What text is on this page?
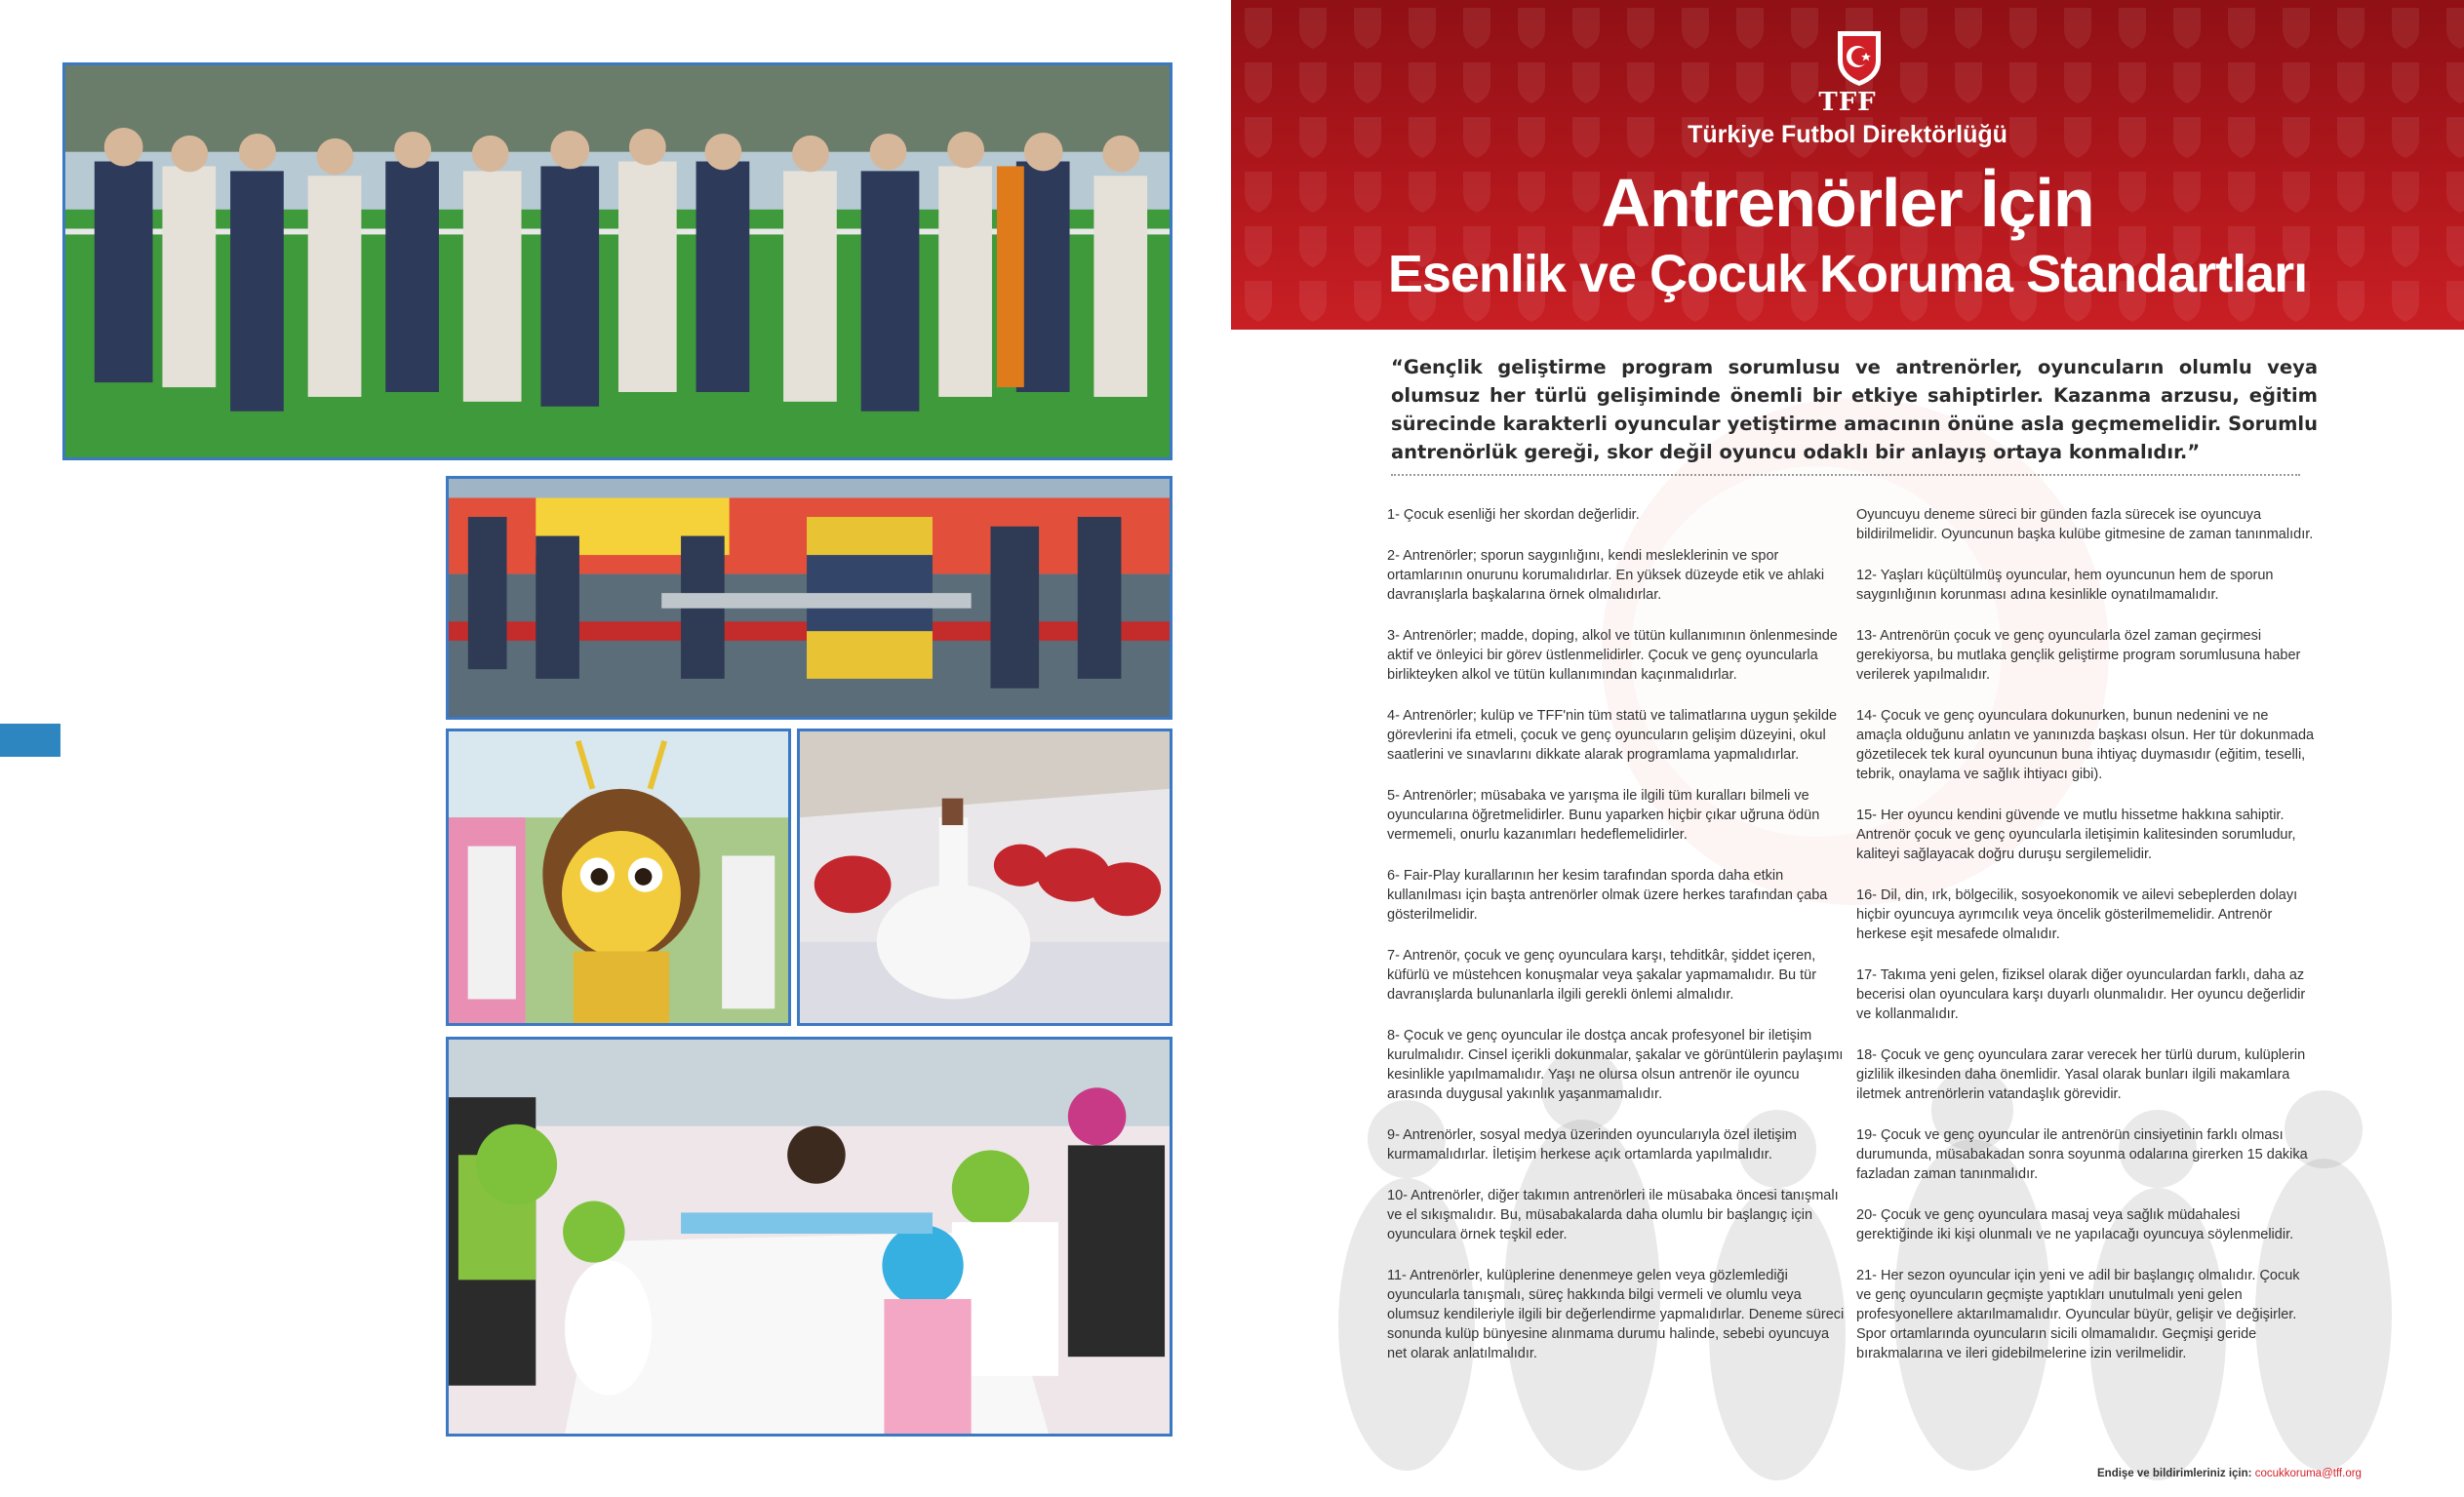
TFF
Türkiye Futbol Direktörlüğü
Antrenörler İçin
Esenlik ve Çocuk Koruma Standartları
“Gençlik geliştirme program sorumlusu ve antrenörler, oyuncuların olumlu veya olumsuz her türlü gelişiminde önemli bir etkiye sahiptirler. Kazanma arzusu, eğitim sürecinde karakterli oyuncular yetiştirme amacının önüne asla geçmemelidir. Sorumlu antrenörlük gereği, skor değil oyuncu odaklı bir anlayış ortaya konmalıdır.”

1- Çocuk esenliği her skordan değerlidir.

2- Antrenörler; sporun saygınlığını, kendi mesleklerinin ve spor ortamlarının onurunu korumalıdırlar. En yüksek düzeyde etik ve ahlaki davranışlarla başkalarına örnek olmalıdırlar.

3- Antrenörler; madde, doping, alkol ve tütün kullanımının önlenmesinde aktif ve önleyici bir görev üstlenmelidirler. Çocuk ve genç oyuncularla birlikteyken alkol ve tütün kullanımından kaçınmalıdırlar.

4- Antrenörler; kulüp ve TFF'nin tüm statü ve talimatlarına uygun şekilde görevlerini ifa etmeli, çocuk ve genç oyuncuların gelişim düzeyini, okul saatlerini ve sınavlarını dikkate alarak programlama yapmalıdırlar.

5- Antrenörler; müsabaka ve yarışma ile ilgili tüm kuralları bilmeli ve oyuncularına öğretmelidirler. Bunu yaparken hiçbir çıkar uğruna ödün vermemeli, onurlu kazanımları hedeflemelidirler.

6- Fair-Play kurallarının her kesim tarafından sporda daha etkin kullanılması için başta antrenörler olmak üzere herkes tarafından çaba gösterilmelidir.

7- Antrenör, çocuk ve genç oyunculara karşı, tehditkâr, şiddet içeren, küfürlü ve müstehcen konuşmalar veya şakalar yapmamalıdır. Bu tür davranışlarda bulunanlarla ilgili gerekli önlemi almalıdır.

8- Çocuk ve genç oyuncular ile dostça ancak profesyonel bir iletişim kurulmalıdır. Cinsel içerikli dokunmalar, şakalar ve görüntülerin paylaşımı kesinlikle yapılmamalıdır. Yaşı ne olursa olsun antrenör ile oyuncu arasında duygusal yakınlık yaşanmamalıdır.

9- Antrenörler, sosyal medya üzerinden oyuncularıyla özel iletişim kurmamalıdırlar. İletişim herkese açık ortamlarda yapılmalıdır.

10- Antrenörler, diğer takımın antrenörleri ile müsabaka öncesi tanışmalı ve el sıkışmalıdır. Bu, müsabakalarda daha olumlu bir başlangıç için oyunculara örnek teşkil eder.

11- Antrenörler, kulüplerine denenmeye gelen veya gözlemlediği oyuncularla tanışmalı, süreç hakkında bilgi vermeli ve olumlu veya olumsuz kendileriyle ilgili bir değerlendirme yapmalıdırlar. Deneme süreci sonunda kulüp bünyesine alınmama durumu halinde, sebebi oyuncuya net olarak anlatılmalıdır.

Oyuncuyu deneme süreci bir günden fazla sürecek ise oyuncuya bildirilmelidir. Oyuncunun başka kulübe gitmesine de zaman tanınmalıdır.

12- Yaşları küçültülmüş oyuncular, hem oyuncunun hem de sporun saygınlığının korunması adına kesinlikle oynatılmamalıdır.

13- Antrenörün çocuk ve genç oyuncularla özel zaman geçirmesi gerekiyorsa, bu mutlaka gençlik geliştirme program sorumlusuna haber verilerek yapılmalıdır.

14- Çocuk ve genç oyunculara dokunurken, bunun nedenini ve ne amaçla olduğunu anlatın ve yanınızda başkası olsun. Her tür dokunmada gözetilecek tek kural oyuncunun buna ihtiyaç duymasıdır (eğitim, teselli, tebrik, onaylama ve sağlık ihtiyacı gibi).

15- Her oyuncu kendini güvende ve mutlu hissetme hakkına sahiptir. Antrenör çocuk ve genç oyuncularla iletişimin kalitesinden sorumludur, kaliteyi sağlayacak doğru duruşu sergilemelidir.

16- Dil, din, ırk, bölgecilik, sosyoekonomik ve ailevi sebeplerden dolayı hiçbir oyuncuya ayrımcılık veya öncelik gösterilmemelidir. Antrenör herkese eşit mesafede olmalıdır.

17- Takıma yeni gelen, fiziksel olarak diğer oyunculardan farklı, daha az becerisi olan oyunculara karşı duyarlı olunmalıdır. Her oyuncu değerlidir ve kollanmalıdır.

18- Çocuk ve genç oyunculara zarar verecek her türlü durum, kulüplerin gizlilik ilkesinden daha önemlidir. Yasal olarak bunları ilgili makamlara iletmek antrenörlerin vatandaşlık görevidir.

19- Çocuk ve genç oyuncular ile antrenörün cinsiyetinin farklı olması durumunda, müsabakadan sonra soyunma odalarına girerken 15 dakika fazladan zaman tanınmalıdır.

20- Çocuk ve genç oyunculara masaj veya sağlık müdahalesi gerektiğinde iki kişi olunmalı ve ne yapılacağı oyuncuya söylenmelidir.

21- Her sezon oyuncular için yeni ve adil bir başlangıç olmalıdır. Çocuk ve genç oyuncuların geçmişte yaptıkları unutulmalı yeni gelen profesyonellere aktarılmamalıdır. Oyuncular büyür, gelişir ve değişirler. Spor ortamlarında oyuncuların sicili olmamalıdır. Geçmişi geride bırakmalarına ve ileri gidebilmelerine izin verilmelidir.

Endişe ve bildirimleriniz için: cocukkoruma@tff.org
